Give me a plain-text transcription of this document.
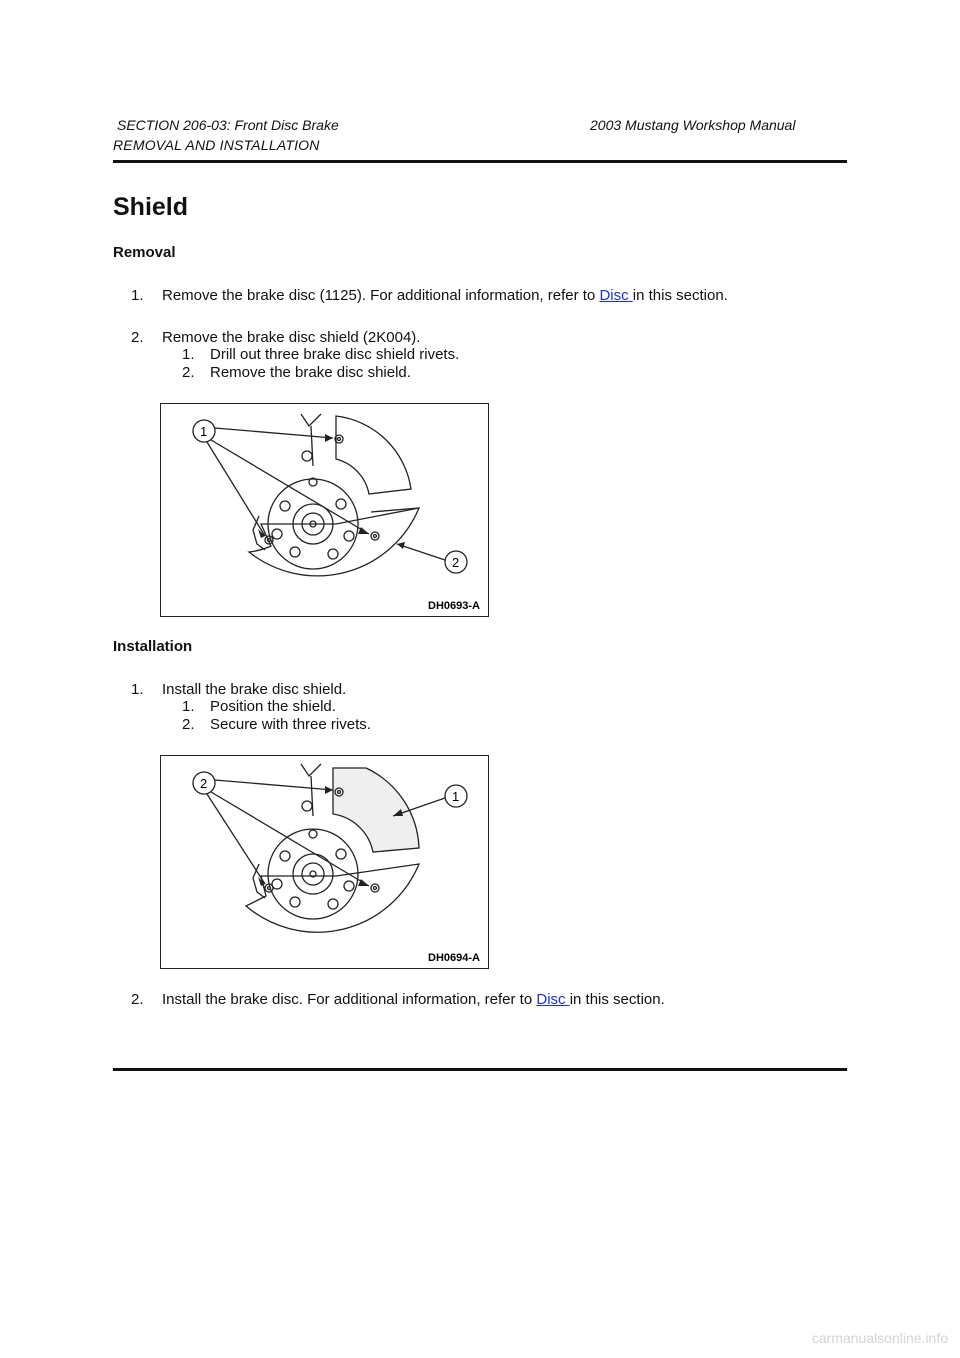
SECTION 206-03: Front Disc Brake	2003 Mustang Workshop Manual
REMOVAL AND INSTALLATION
Shield
Removal
1. Remove the brake disc (1125). For additional information, refer to Disc in this section.
2. Remove the brake disc shield (2K004).
1. Drill out three brake disc shield rivets.
2. Remove the brake disc shield.
1
2
DH0693-A
Installation
1. Install the brake disc shield.
1. Position the shield.
2. Secure with three rivets.
2
1
DH0694-A
2. Install the brake disc. For additional information, refer to Disc in this section.
carmanualsonline.info
